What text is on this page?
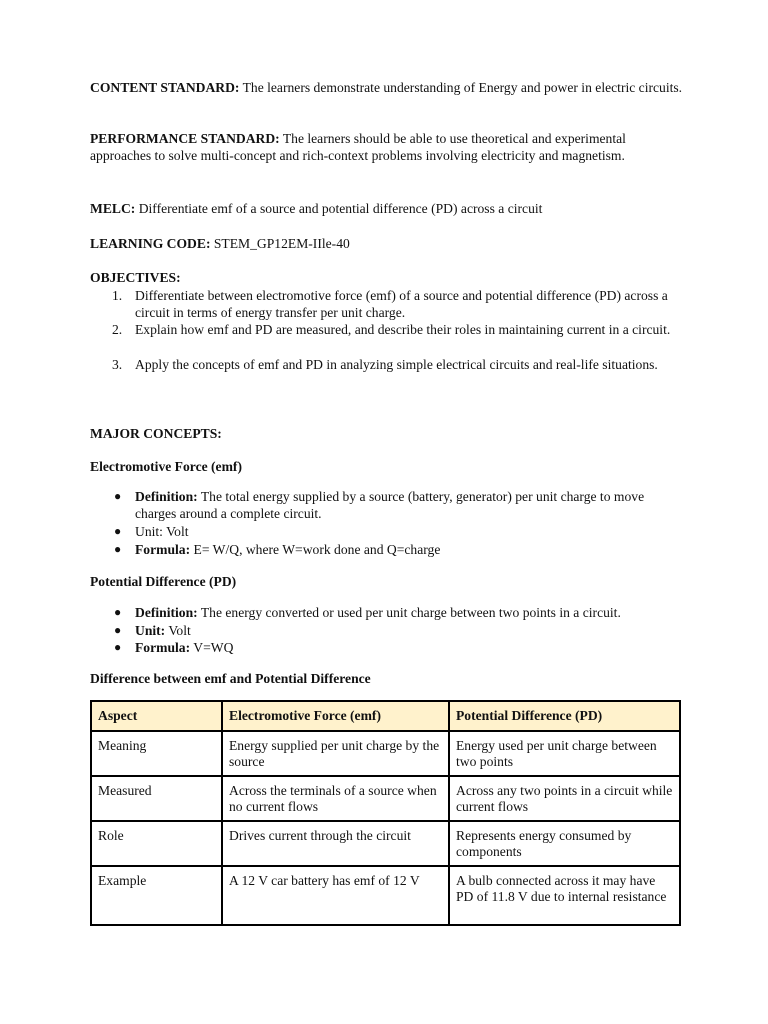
CONTENT STANDARD: The learners demonstrate understanding of Energy and power in electric circuits.
PERFORMANCE STANDARD: The learners should be able to use theoretical and experimental approaches to solve multi-concept and rich-context problems involving electricity and magnetism.
MELC: Differentiate emf of a source and potential difference (PD) across a circuit
LEARNING CODE: STEM_GP12EM-IIle-40
OBJECTIVES:
1. Differentiate between electromotive force (emf) of a source and potential difference (PD) across a circuit in terms of energy transfer per unit charge.
2. Explain how emf and PD are measured, and describe their roles in maintaining current in a circuit.
3. Apply the concepts of emf and PD in analyzing simple electrical circuits and real-life situations.
MAJOR CONCEPTS:
Electromotive Force (emf)
● Definition: The total energy supplied by a source (battery, generator) per unit charge to move charges around a complete circuit.
● Unit: Volt
● Formula: E= W/Q, where W=work done and Q=charge
Potential Difference (PD)
● Definition: The energy converted or used per unit charge between two points in a circuit.
● Unit: Volt
● Formula: V=WQ
Difference between emf and Potential Difference
Aspect	Electromotive Force (emf)	Potential Difference (PD)
Meaning	Energy supplied per unit charge by the source	Energy used per unit charge between two points
Measured	Across the terminals of a source when no current flows	Across any two points in a circuit while current flows
Role	Drives current through the circuit	Represents energy consumed by components
Example	A 12 V car battery has emf of 12 V	A bulb connected across it may have PD of 11.8 V due to internal resistance
